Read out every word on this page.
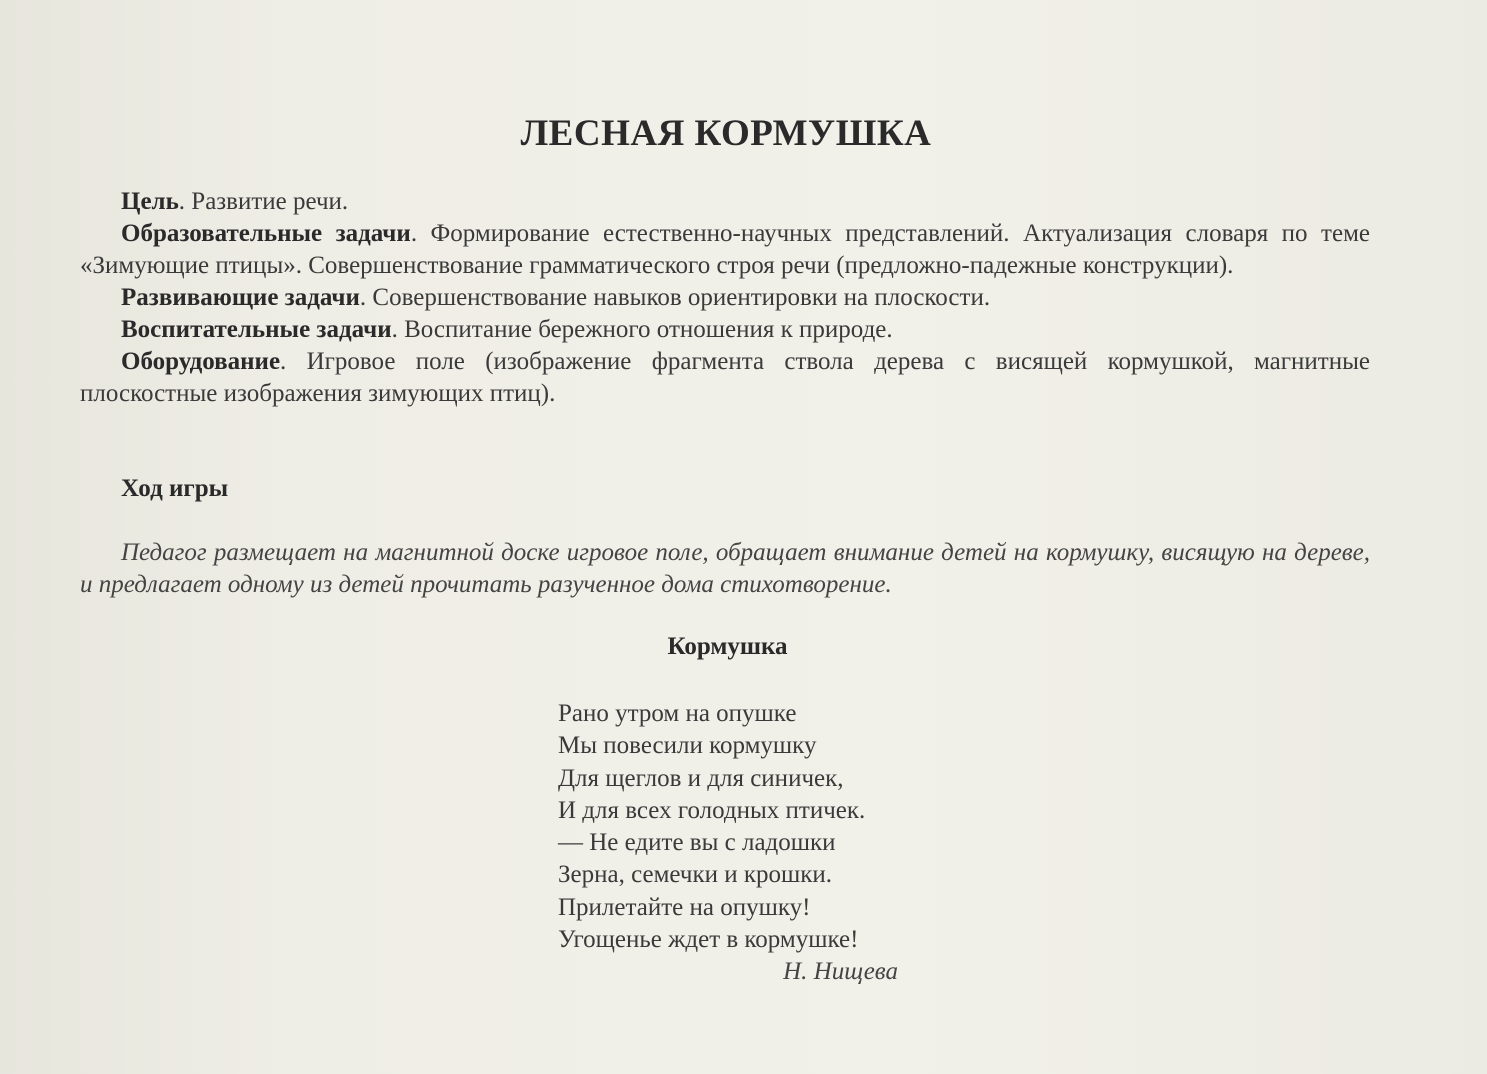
ЛЕСНАЯ КОРМУШКА

Цель. Развитие речи.

Образовательные задачи. Формирование естественно-научных представлений. Актуализация словаря по теме «Зимующие птицы». Совершенствование грамматического строя речи (предложно-падежные конструкции).

Развивающие задачи. Совершенствование навыков ориентировки на плоскости.

Воспитательные задачи. Воспитание бережного отношения к природе.

Оборудование. Игровое поле (изображение фрагмента ствола дерева с висящей кормушкой, магнитные плоскостные изображения зимующих птиц).

Ход игры

Педагог размещает на магнитной доске игровое поле, обращает внимание детей на кормушку, висящую на дереве, и предлагает одному из детей прочитать разученное дома стихотворение.

Кормушка
Рано утром на опушке
Мы повесили кормушку
Для щеглов и для синичек,
И для всех голодных птичек.
— Не едите вы с ладошки
Зерна, семечки и крошки.
Прилетайте на опушку!
Угощенье ждет в кормушке!
Н. Нищева
